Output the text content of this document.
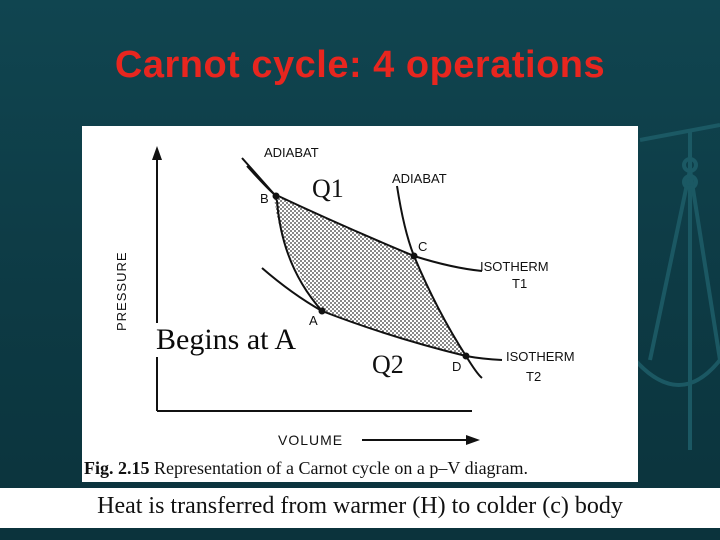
Carnot cycle: 4 operations
ADIABAT
ADIABAT
ISOTHERM
T1
ISOTHERM
T2
A
B
C
D
Q1
Q2
Begins at A
PRESSURE
VOLUME
Fig. 2.15 Representation of a Carnot cycle on a p–V diagram.
Heat is transferred from warmer (H) to colder (c) body
